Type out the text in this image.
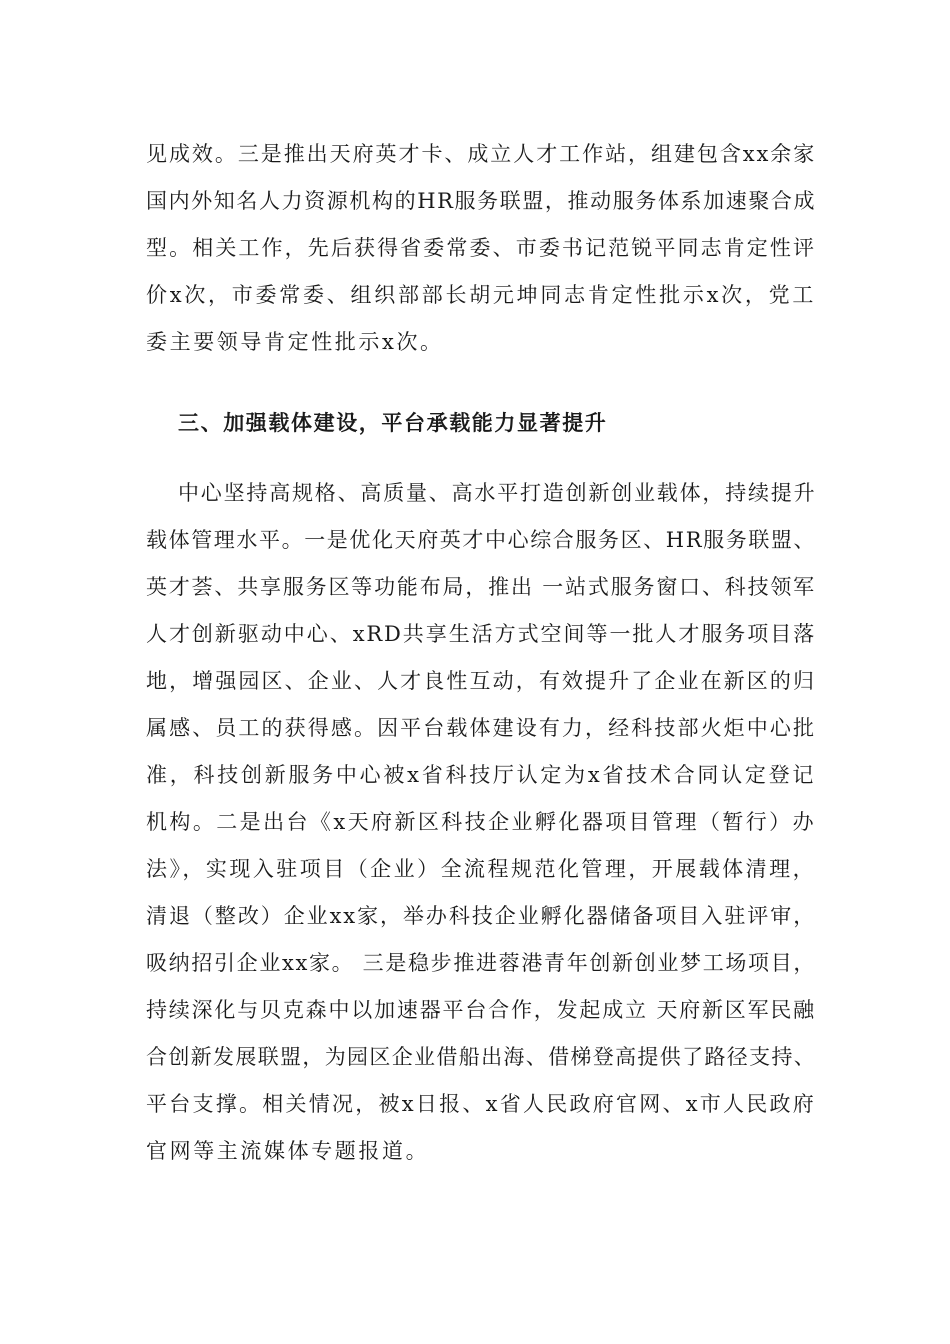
见成效。三是推出天府英才卡、成立人才工作站，组建包含xx余家
国内外知名人力资源机构的HR服务联盟，推动服务体系加速聚合成
型。相关工作，先后获得省委常委、市委书记范锐平同志肯定性评
价x次，市委常委、组织部部长胡元坤同志肯定性批示x次，党工
委主要领导肯定性批示x次。
三、加强载体建设，平台承载能力显著提升
中心坚持高规格、高质量、高水平打造创新创业载体，持续提升
载体管理水平。一是优化天府英才中心综合服务区、HR服务联盟、
英才荟、共享服务区等功能布局，推出 一站式服务窗口、科技领军
人才创新驱动中心、xRD共享生活方式空间等一批人才服务项目落
地，增强园区、企业、人才良性互动，有效提升了企业在新区的归
属感、员工的获得感。因平台载体建设有力，经科技部火炬中心批
准，科技创新服务中心被x省科技厅认定为x省技术合同认定登记
机构。二是出台《x天府新区科技企业孵化器项目管理（暂行）办
法》，实现入驻项目（企业）全流程规范化管理，开展载体清理，
清退（整改）企业xx家，举办科技企业孵化器储备项目入驻评审，
吸纳招引企业xx家。 三是稳步推进蓉港青年创新创业梦工场项目，
持续深化与贝克森中以加速器平台合作，发起成立 天府新区军民融
合创新发展联盟，为园区企业借船出海、借梯登高提供了路径支持、
平台支撑。相关情况，被x日报、x省人民政府官网、x市人民政府
官网等主流媒体专题报道。
